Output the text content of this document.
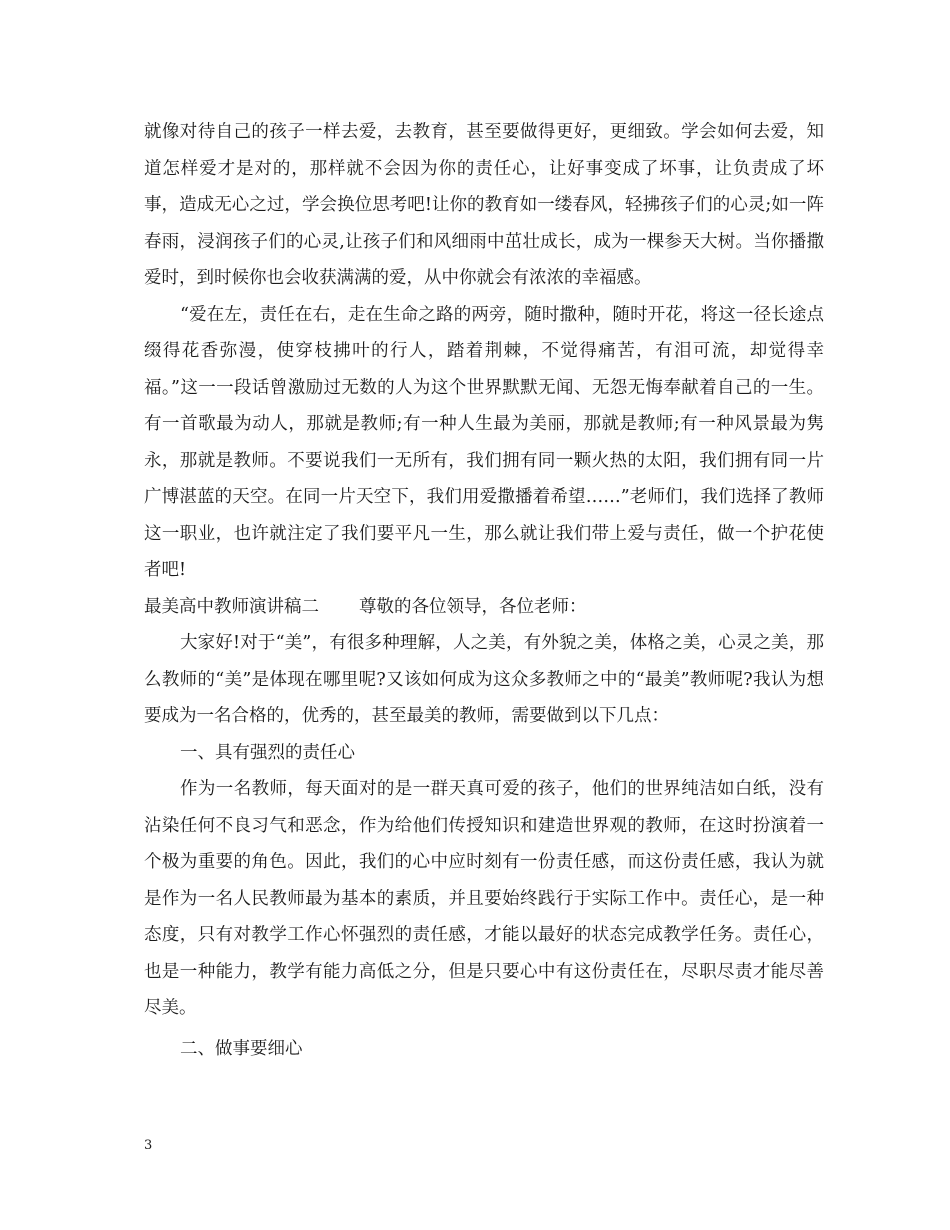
就像对待自己的孩子一样去爱，去教育，甚至要做得更好，更细致。学会如何去爱，知道怎样爱才是对的，那样就不会因为你的责任心，让好事变成了坏事，让负责成了坏事，造成无心之过，学会换位思考吧!让你的教育如一缕春风，轻拂孩子们的心灵;如一阵春雨，浸润孩子们的心灵,让孩子们和风细雨中茁壮成长，成为一棵参天大树。当你播撒爱时，到时候你也会收获满满的爱，从中你就会有浓浓的幸福感。

“爱在左，责任在右，走在生命之路的两旁，随时撒种，随时开花，将这一径长途点缀得花香弥漫，使穿枝拂叶的行人，踏着荆棘，不觉得痛苦，有泪可流，却觉得幸福。”这一一段话曾激励过无数的人为这个世界默默无闻、无怨无悔奉献着自己的一生。有一首歌最为动人，那就是教师;有一种人生最为美丽，那就是教师;有一种风景最为隽永，那就是教师。不要说我们一无所有，我们拥有同一颗火热的太阳，我们拥有同一片广博湛蓝的天空。在同一片天空下，我们用爱撒播着希望……”老师们，我们选择了教师这一职业，也许就注定了我们要平凡一生，那么就让我们带上爱与责任，做一个护花使者吧!

最美高中教师演讲稿二 尊敬的各位领导，各位老师：

大家好!对于“美”，有很多种理解，人之美，有外貌之美，体格之美，心灵之美，那么教师的“美”是体现在哪里呢?又该如何成为这众多教师之中的“最美”教师呢?我认为想要成为一名合格的，优秀的，甚至最美的教师，需要做到以下几点：

一、具有强烈的责任心

作为一名教师，每天面对的是一群天真可爱的孩子，他们的世界纯洁如白纸，没有沾染任何不良习气和恶念，作为给他们传授知识和建造世界观的教师，在这时扮演着一个极为重要的角色。因此，我们的心中应时刻有一份责任感，而这份责任感，我认为就是作为一名人民教师最为基本的素质，并且要始终践行于实际工作中。责任心，是一种态度，只有对教学工作心怀强烈的责任感，才能以最好的状态完成教学任务。责任心，也是一种能力，教学有能力高低之分，但是只要心中有这份责任在，尽职尽责才能尽善尽美。

二、做事要细心

3
